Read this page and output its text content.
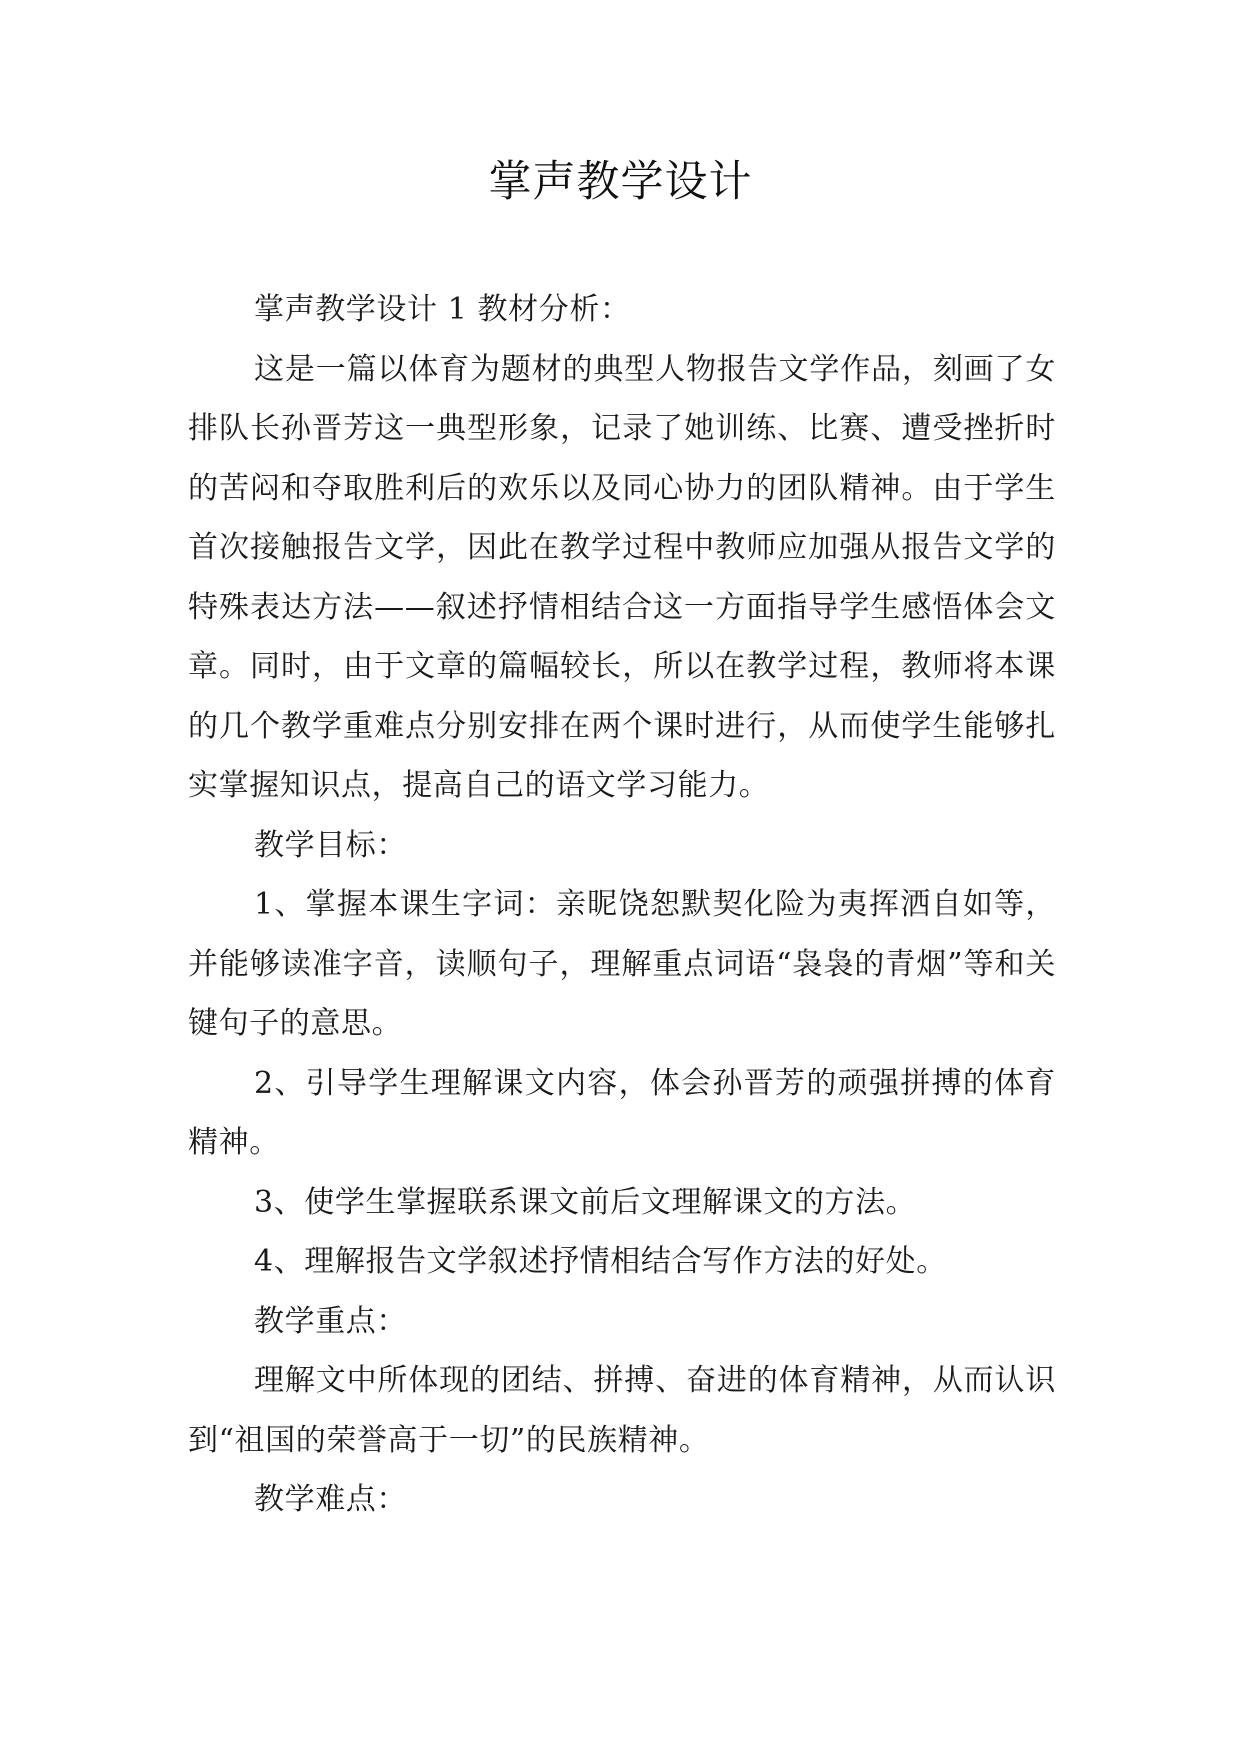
掌声教学设计

掌声教学设计 1 教材分析：

这是一篇以体育为题材的典型人物报告文学作品，刻画了女排队长孙晋芳这一典型形象，记录了她训练、比赛、遭受挫折时的苦闷和夺取胜利后的欢乐以及同心协力的团队精神。由于学生首次接触报告文学，因此在教学过程中教师应加强从报告文学的特殊表达方法——叙述抒情相结合这一方面指导学生感悟体会文章。同时，由于文章的篇幅较长，所以在教学过程，教师将本课的几个教学重难点分别安排在两个课时进行，从而使学生能够扎实掌握知识点，提高自己的语文学习能力。

教学目标：

1、掌握本课生字词：亲昵饶恕默契化险为夷挥洒自如等，并能够读准字音，读顺句子，理解重点词语“袅袅的青烟”等和关键句子的意思。

2、引导学生理解课文内容，体会孙晋芳的顽强拼搏的体育精神。

3、使学生掌握联系课文前后文理解课文的方法。

4、理解报告文学叙述抒情相结合写作方法的好处。

教学重点：

理解文中所体现的团结、拼搏、奋进的体育精神，从而认识到“祖国的荣誉高于一切”的民族精神。

教学难点：
